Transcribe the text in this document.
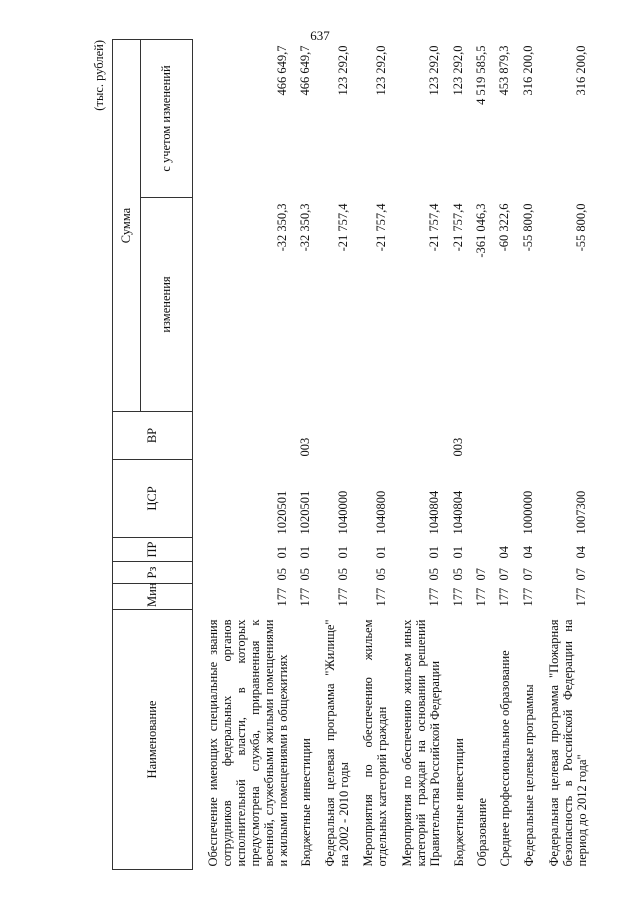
637
(тыс. рублей)
Наименование	Мин	Рз	ПР	ЦСР	ВР	Сумма	
						изменения	с учетом изменений
Обеспечение имеющих специальные звания сотрудников федеральных органов исполнительной власти, в которых предусмотрена служба, приравненная к военной, служебными жилыми помещениями и жилыми помещениями в общежитиях	177	05	01	1020501		-32 350,3	466 649,7
Бюджетные инвестиции	177	05	01	1020501	003	-32 350,3	466 649,7
Федеральная целевая программа "Жилище" на 2002 - 2010 годы	177	05	01	1040000		-21 757,4	123 292,0
Мероприятия по обеспечению жильем отдельных категорий граждан	177	05	01	1040800		-21 757,4	123 292,0
Мероприятия по обеспечению жильем иных категорий граждан на основании решений Правительства Российской Федерации	177	05	01	1040804		-21 757,4	123 292,0
Бюджетные инвестиции	177	05	01	1040804	003	-21 757,4	123 292,0
Образование	177	07				-361 046,3	4 519 585,5
Среднее профессиональное образование	177	07	04			-60 322,6	453 879,3
Федеральные целевые программы	177	07	04	1000000		-55 800,0	316 200,0
Федеральная целевая программа "Пожарная безопасность в Российской Федерации на период до 2012 года"	177	07	04	1007300		-55 800,0	316 200,0
